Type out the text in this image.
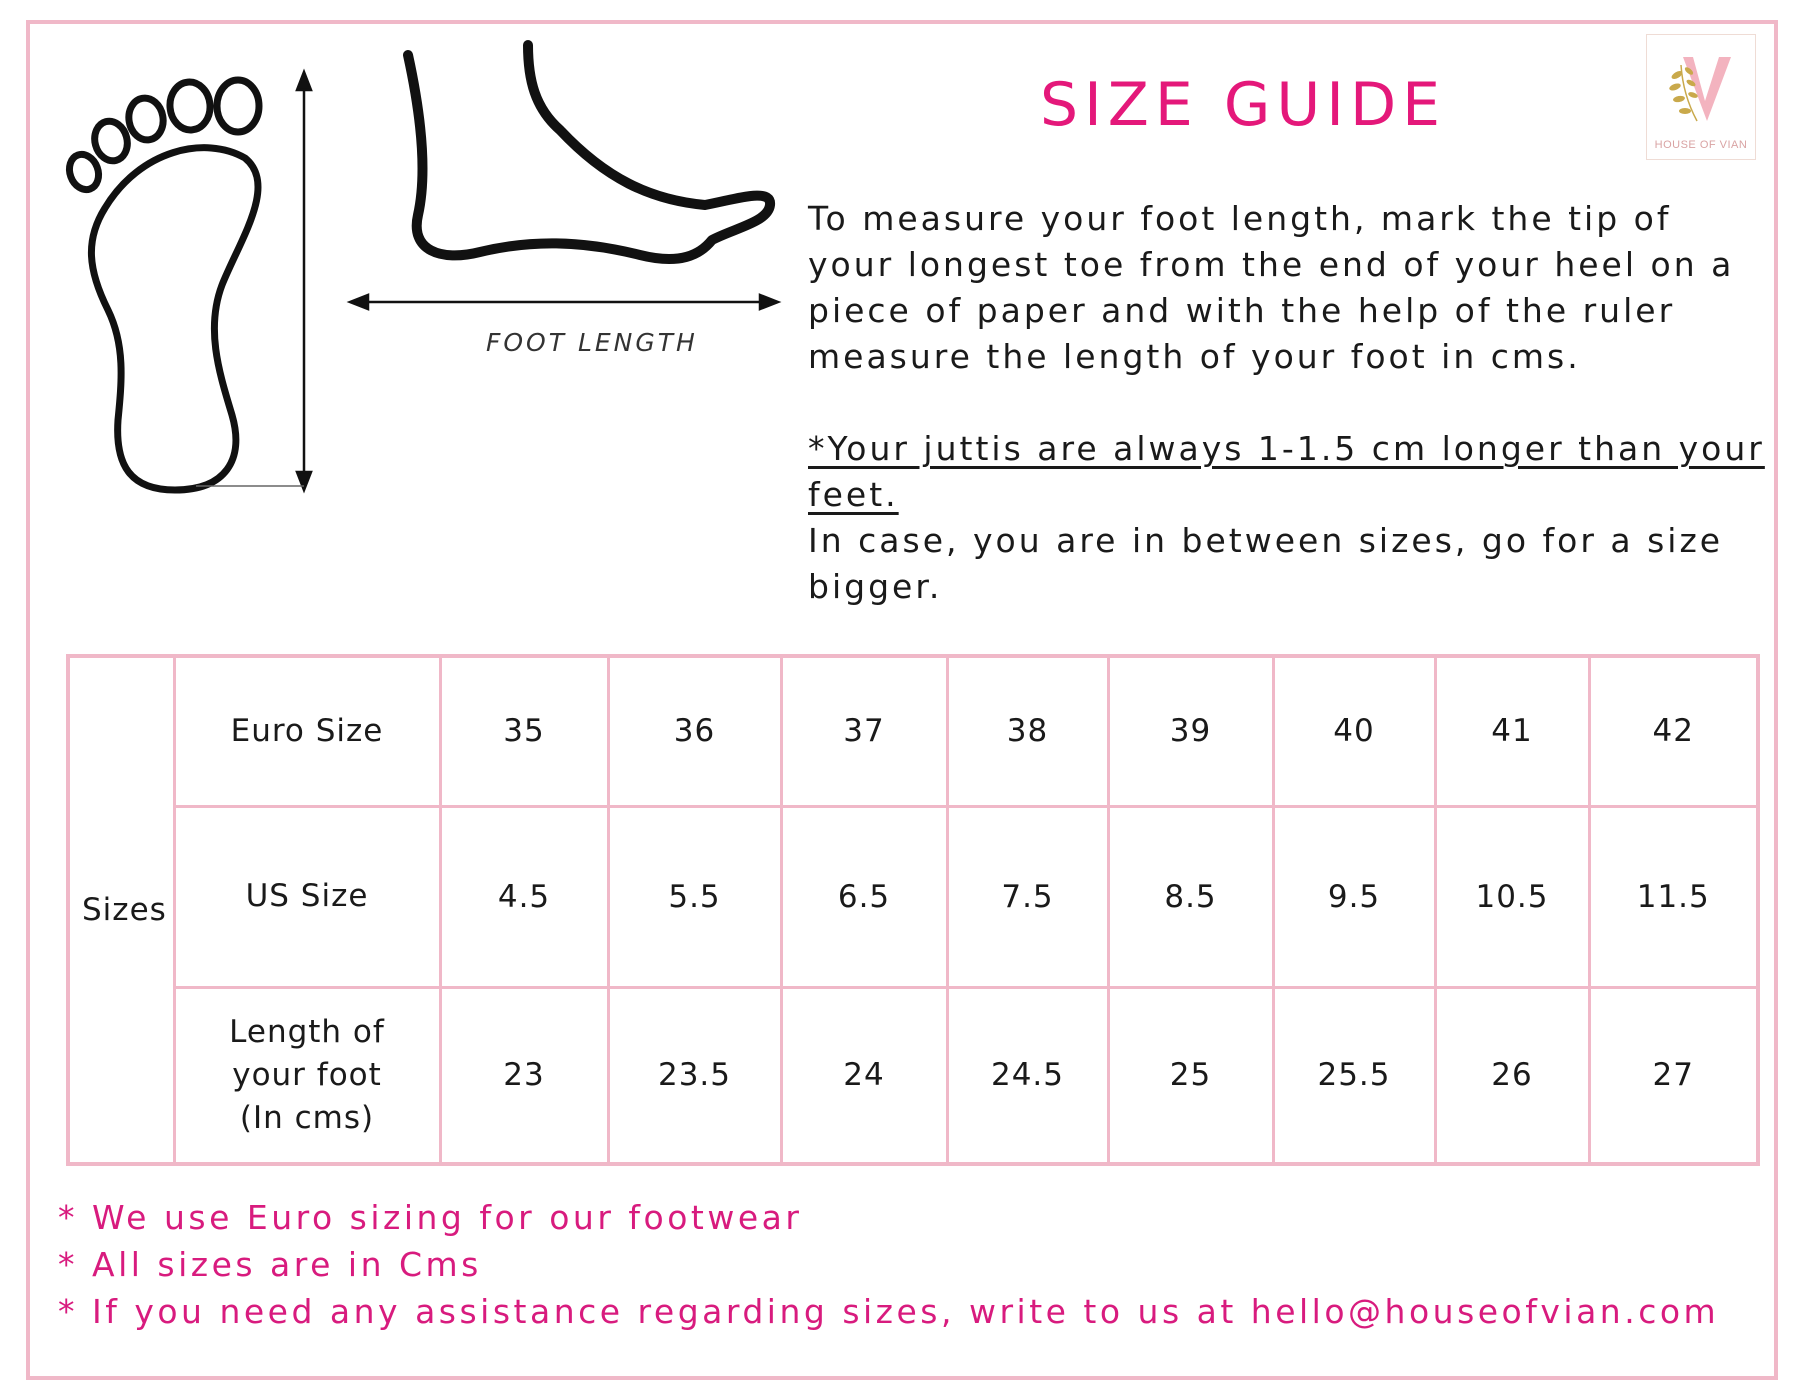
FOOT LENGTH
SIZE GUIDE
HOUSE OF VIAN

To measure your foot length, mark the tip of your longest toe from the end of your heel on a piece of paper and with the help of the ruler measure the length of your foot in cms.

*Your juttis are always 1-1.5 cm longer than your feet.

In case, you are in between sizes, go for a size bigger.

Sizes	Euro Size	35	36	37	38	39	40	41	42
	US Size	4.5	5.5	6.5	7.5	8.5	9.5	10.5	11.5

	Length of
your foot
(In cms)	23	23.5	24	24.5	25	25.5	26	27
* We use Euro sizing for our footwear
* All sizes are in Cms
* If you need any assistance regarding sizes, write to us at hello@houseofvian.com
